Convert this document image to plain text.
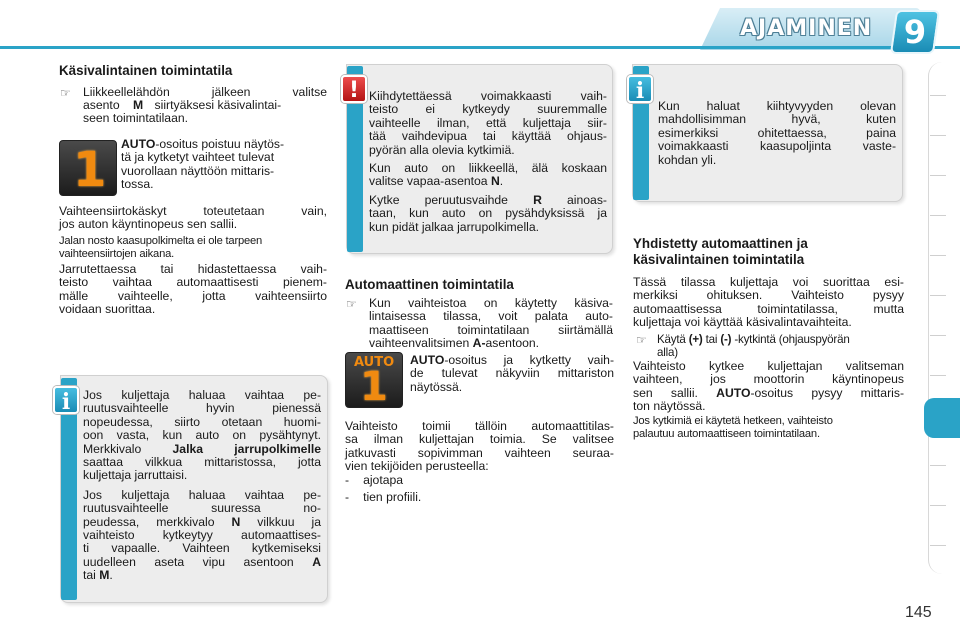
AJAMINEN 9
Käsivalintainen toimintatila
☞ Liikkeellelähdön jälkeen valitse
asento M siirtyäksesi käsivalintai-
seen toimintatilaan.
1 AUTO-osoitus poistuu näytös-
tä ja kytketyt vaihteet tulevat
vuorollaan näyttöön mittaris-
tossa.
Vaihteensiirtokäskyt toteutetaan vain,
jos auton käyntinopeus sen sallii.
Jalan nosto kaasupolkimelta ei ole tarpeen
vaihteensiirtojen aikana.
Jarrutettaessa tai hidastettaessa vaih-
teisto vaihtaa automaattisesti pienem-
mälle vaihteelle, jotta vaihteensiirto
voidaan suorittaa.
i	Jos kuljettaja haluaa vaihtaa pe-
ruutusvaihteelle hyvin pienessä
nopeudessa, siirto otetaan huomi-
oon vasta, kun auto on pysähtynyt.
Merkkivalo	Jalka jarrupolkimelle
saattaa vilkkua mittaristossa, jotta
kuljettaja jarruttaisi.
Jos kuljettaja haluaa vaihtaa pe-
ruutusvaihteelle suuressa no-
peudessa, merkkivalo N vilkkuu ja
vaihteisto kytkeytyy automaattises-
ti vapaalle. Vaihteen kytkemiseksi
uudelleen aseta vipu asentoon A
tai M.
! Kiihdytettäessä voimakkaasti vaih-
teisto ei kytkeydy suuremmalle
vaihteelle ilman, että kuljettaja siir-
tää vaihdevipua tai käyttää ohjaus-
pyörän alla olevia kytkimiä.
Kun auto on liikkeellä, älä koskaan
valitse vapaa-asentoa N.
Kytke peruutusvaihde R ainoas-
taan, kun auto on pysähdyksissä ja
kun pidät jalkaa jarrupolkimella.
Automaattinen toimintatila
☞ Kun vaihteistoa on käytetty käsiva-
lintaisessa tilassa, voit palata auto-
maattiseen toimintatilaan siirtämällä
vaihteenvalitsimen A-asentoon.
AUTO
1
AUTO-osoitus ja kytketty vaih-
de tulevat näkyviin mittariston
näytössä.
Vaihteisto toimii tällöin automaattitilas-
sa ilman kuljettajan toimia. Se valitsee
jatkuvasti sopivimman vaihteen seuraa-
vien tekijöiden perusteella:
- ajotapa
- tien profiili.
i
Kun haluat kiihtyvyyden olevan
mahdollisimman hyvä, kuten
esimerkiksi ohitettaessa, paina
voimakkaasti kaasupoljinta vaste-
kohdan yli.
Yhdistetty automaattinen ja
käsivalintainen toimintatila
Tässä tilassa kuljettaja voi suorittaa esi-
merkiksi ohituksen. Vaihteisto pysyy
automaattisessa toimintatilassa, mutta
kuljettaja voi käyttää käsivalintavaihteita.
☞ Käytä (+) tai (-) -kytkintä (ohjauspyörän
alla)
Vaihteisto kytkee kuljettajan valitseman
vaihteen, jos moottorin käyntinopeus
sen sallii. AUTO-osoitus pysyy mittaris-
ton näytössä.
Jos kytkimiä ei käytetä hetkeen, vaihteisto
palautuu automaattiseen toimintatilaan.
145
